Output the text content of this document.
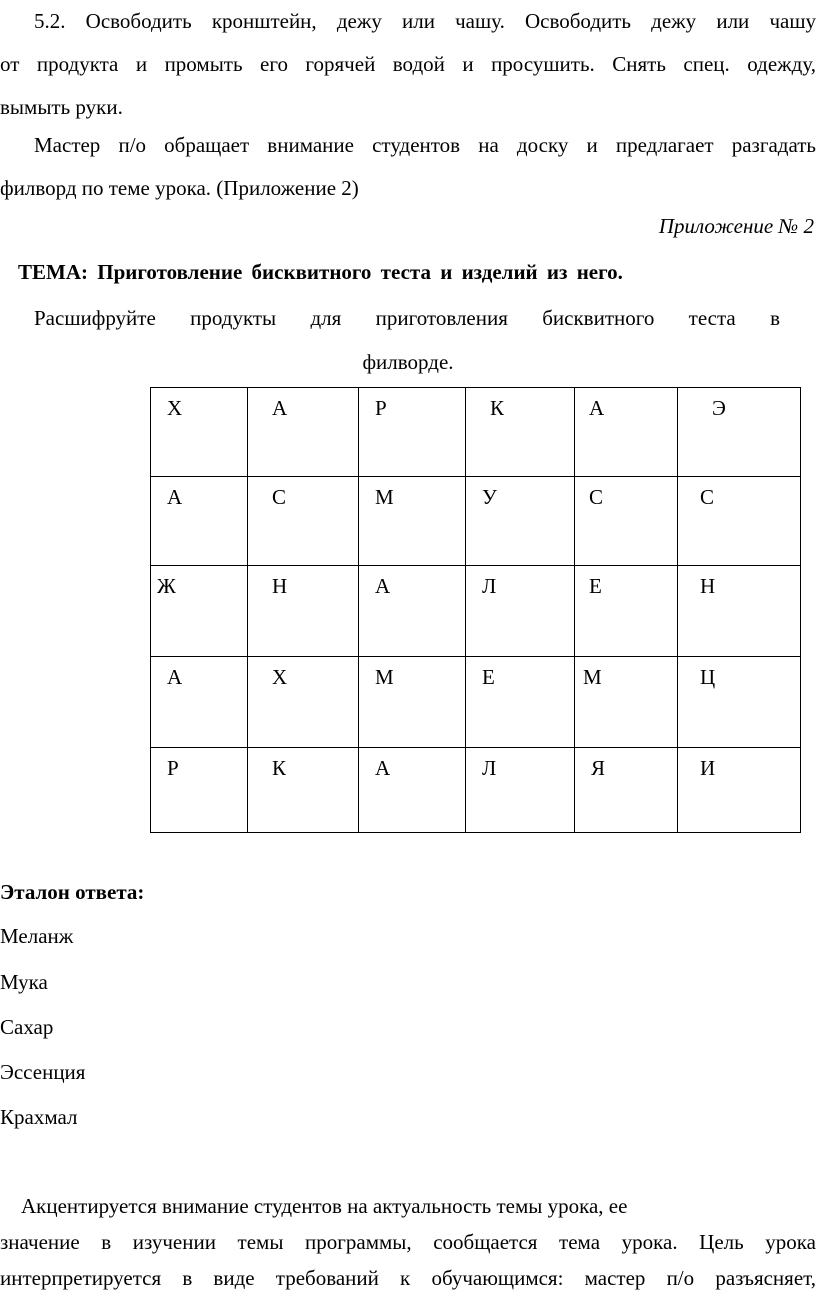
5.2. Освободить кронштейн, дежу или чашу. Освободить дежу или чашу
от продукта и промыть его горячей водой и просушить. Снять спец. одежду,
вымыть руки.

Мастер п/о обращает внимание студентов на доску и предлагает разгадать
филворд по теме урока. (Приложение 2)

Приложение № 2

ТЕМА: Приготовление бисквитного теста и изделий из него.

Расшифруйте продукты для приготовления бисквитного теста в

филворде.

Х	А	Р	К	А	Э
А	С	М	У	С	С
Ж	Н	А	Л	Е	Н
А	Х	М	Е	М	Ц
Р	К	А	Л	Я	И

Эталон ответа:

Меланж

Мука

Сахар

Эссенция

Крахмал

Акцентируется внимание студентов на актуальность темы урока, ее
значение в изучении темы программы, сообщается тема урока. Цель урока
интерпретируется в виде требований к обучающимся: мастер п/о разъясняет,
